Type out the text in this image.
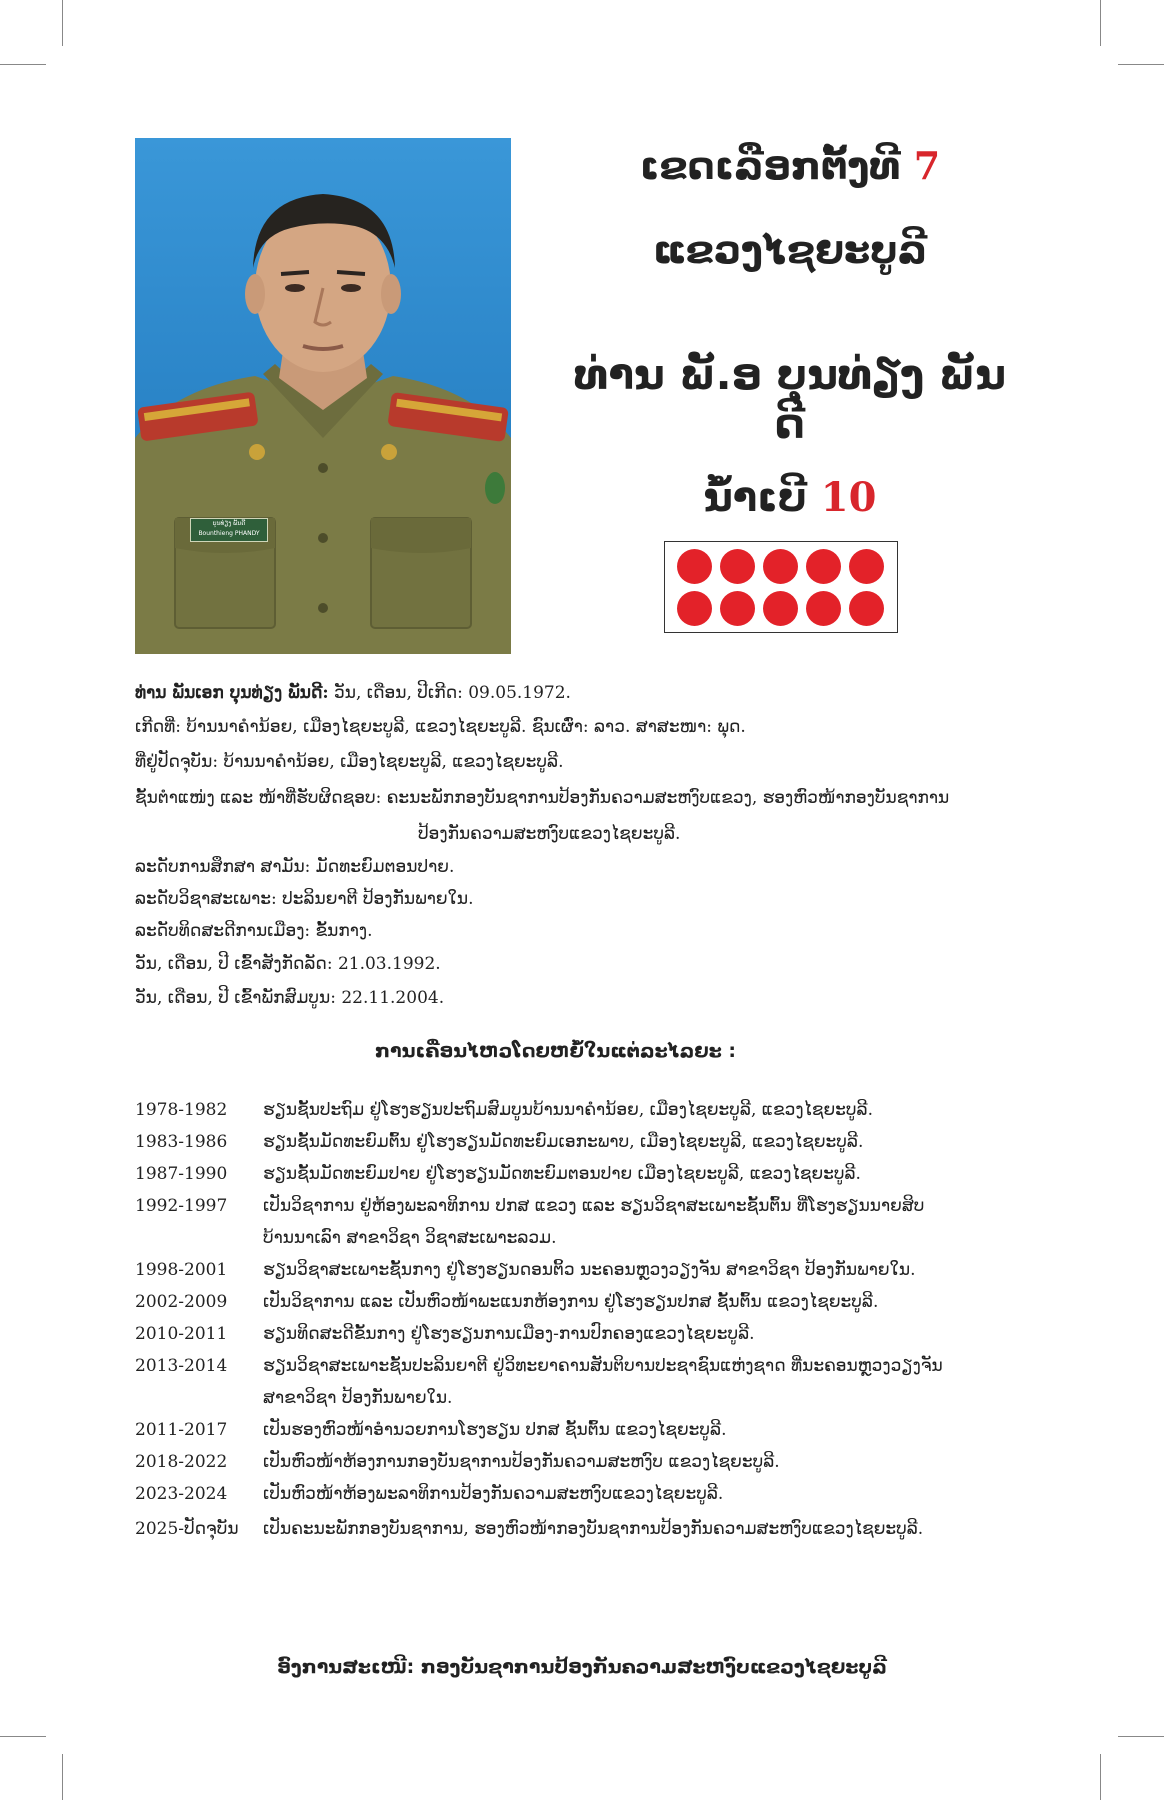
ບຸນທ່ຽງ ພັນດີ
Bounthieng PHANDY
ເຂດເລືອກຕັ້ງທີ 7
ແຂວງໄຊຍະບູລີ
ທ່ານ ພັ.ອ ບຸນທ່ຽງ ພັນດີ
ນໍ້າເບີ 10
ທ່ານ ພັນເອກ ບຸນທ່ຽງ ພັນດີ: ວັນ, ເດືອນ, ປີເກີດ: 09.05.1972.
ເກີດທີ່: ບ້ານນາຄໍານ້ອຍ, ເມືອງໄຊຍະບູລີ, ແຂວງໄຊຍະບູລີ. ຊົນເຜົ່າ: ລາວ. ສາສະໜາ: ພຸດ.
ທີ່ຢູ່ປັດຈຸບັນ: ບ້ານນາຄໍານ້ອຍ, ເມືອງໄຊຍະບູລີ, ແຂວງໄຊຍະບູລີ.
ຊັ້ນຕໍາແໜ່ງ ແລະ ໜ້າທີ່ຮັບຜິດຊອບ: ຄະນະພັກກອງບັນຊາການປ້ອງກັນຄວາມສະຫງົບແຂວງ, ຮອງຫົວໜ້າກອງບັນຊາການ
ປ້ອງກັນຄວາມສະຫງົບແຂວງໄຊຍະບູລີ.
ລະດັບການສຶກສາ ສາມັນ: ມັດທະຍົມຕອນປາຍ.
ລະດັບວິຊາສະເພາະ: ປະລິນຍາຕີ ປ້ອງກັນພາຍໃນ.
ລະດັບທິດສະດີການເມືອງ: ຂັ້ນກາງ.
ວັນ, ເດືອນ, ປີ ເຂົ້າສັງກັດລັດ: 21.03.1992.
ວັນ, ເດືອນ, ປີ ເຂົ້າພັກສົມບູນ: 22.11.2004.
ການເຄື່ອນໄຫວໂດຍຫຍໍ້ໃນແຕ່ລະໄລຍະ :
1978-1982	ຮຽນຊັ້ນປະຖົມ ຢູ່ໂຮງຮຽນປະຖົມສົມບູນບ້ານນາຄໍານ້ອຍ, ເມືອງໄຊຍະບູລີ, ແຂວງໄຊຍະບູລີ.
1983-1986	ຮຽນຊັ້ນມັດທະຍົມຕົ້ນ ຢູ່ໂຮງຮຽນມັດທະຍົມເອກະພາບ, ເມືອງໄຊຍະບູລີ, ແຂວງໄຊຍະບູລີ.
1987-1990	ຮຽນຊັ້ນມັດທະຍົມປາຍ ຢູ່ໂຮງຮຽນມັດທະຍົມຕອນປາຍ ເມືອງໄຊຍະບູລີ, ແຂວງໄຊຍະບູລີ.
1992-1997	ເປັນວິຊາການ ຢູ່ຫ້ອງພະລາທິການ ປກສ ແຂວງ ແລະ ຮຽນວິຊາສະເພາະຊັ້ນຕົ້ນ ທີ່ໂຮງຮຽນນາຍສິບ
ບ້ານນາເລົາ ສາຂາວິຊາ ວິຊາສະເພາະລວມ.
1998-2001	ຮຽນວິຊາສະເພາະຊັ້ນກາງ ຢູ່ໂຮງຮຽນດອນຕິ້ວ ນະຄອນຫຼວງວຽງຈັນ ສາຂາວິຊາ ປ້ອງກັນພາຍໃນ.
2002-2009	ເປັນວິຊາການ ແລະ ເປັນຫົວໜ້າພະແນກຫ້ອງການ ຢູ່ໂຮງຮຽນປກສ ຊັ້ນຕົ້ນ ແຂວງໄຊຍະບູລີ.
2010-2011	ຮຽນທິດສະດີຂັ້ນກາງ ຢູ່ໂຮງຮຽນການເມືອງ-ການປົກຄອງແຂວງໄຊຍະບູລີ.
2013-2014	ຮຽນວິຊາສະເພາະຊັ້ນປະລິນຍາຕີ ຢູ່ວິທະຍາຄານສັນຕິບານປະຊາຊົນແຫ່ງຊາດ ທີ່ນະຄອນຫຼວງວຽງຈັນ
ສາຂາວິຊາ ປ້ອງກັນພາຍໃນ.
2011-2017	ເປັນຮອງຫົວໜ້າອໍານວຍການໂຮງຮຽນ ປກສ ຊັ້ນຕົ້ນ ແຂວງໄຊຍະບູລີ.
2018-2022	ເປັນຫົວໜ້າຫ້ອງການກອງບັນຊາການປ້ອງກັນຄວາມສະຫງົບ ແຂວງໄຊຍະບູລີ.
2023-2024	ເປັນຫົວໜ້າຫ້ອງພະລາທິການປ້ອງກັນຄວາມສະຫງົບແຂວງໄຊຍະບູລີ.
2025-ປັດຈຸບັນ	ເປັນຄະນະພັກກອງບັນຊາການ, ຮອງຫົວໜ້າກອງບັນຊາການປ້ອງກັນຄວາມສະຫງົບແຂວງໄຊຍະບູລີ.
ອົງການສະເໜີ: ກອງບັນຊາການປ້ອງກັນຄວາມສະຫງົບແຂວງໄຊຍະບູລີ
